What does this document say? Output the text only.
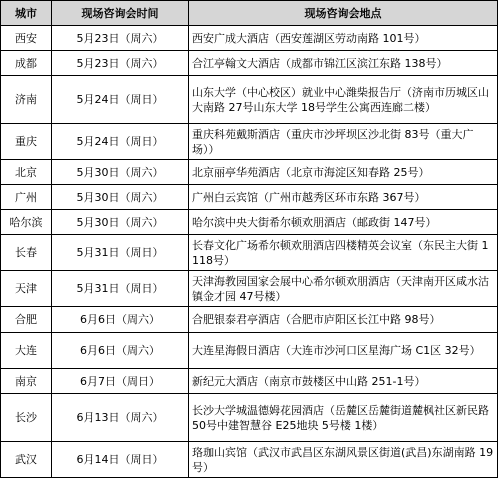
城市	现场咨询会时间	现场咨询会地点
西安	5月23日（周六）	西安广成大酒店（西安莲湖区劳动南路 101号）
成都	5月23日（周六）	合江亭翰文大酒店（成都市锦江区滨江东路 138号）
济南	5月24日（周日）	山东大学（中心校区）就业中心潍柴报告厅（济南市历城区山大南路 27号山东大学 18号学生公寓西连廊二楼）
重庆	5月24日（周日）	重庆科苑戴斯酒店（重庆市沙坪坝区沙北街 83号（重大广场））
北京	5月30日（周六）	北京丽亭华苑酒店（北京市海淀区知春路 25号）
广州	5月30日（周六）	广州白云宾馆（广州市越秀区环市东路 367号）
哈尔滨	5月30日（周六）	哈尔滨中央大街希尔顿欢朋酒店（邮政街 147号）
长春	5月31日（周日）	长春文化广场希尔顿欢朋酒店四楼精英会议室（东民主大街 1118号）
天津	5月31日（周日）	天津海教园国家会展中心希尔顿欢朋酒店（天津南开区咸水沽镇金才园 47号楼）
合肥	6月6日（周六）	合肥银泰君亭酒店（合肥市庐阳区长江中路 98号）
大连	6月6日（周六）	大连星海假日酒店（大连市沙河口区星海广场 C1区 32号）
南京	6月7日（周日）	新纪元大酒店（南京市鼓楼区中山路 251-1号）
长沙	6月13日（周六）	长沙大学城温德姆花园酒店（岳麓区岳麓街道麓枫社区新民路 50号中建智慧谷 E25地块 5号楼 1楼）
武汉	6月14日（周日）	珞珈山宾馆（武汉市武昌区东湖风景区街道(武昌)东湖南路 19号）
